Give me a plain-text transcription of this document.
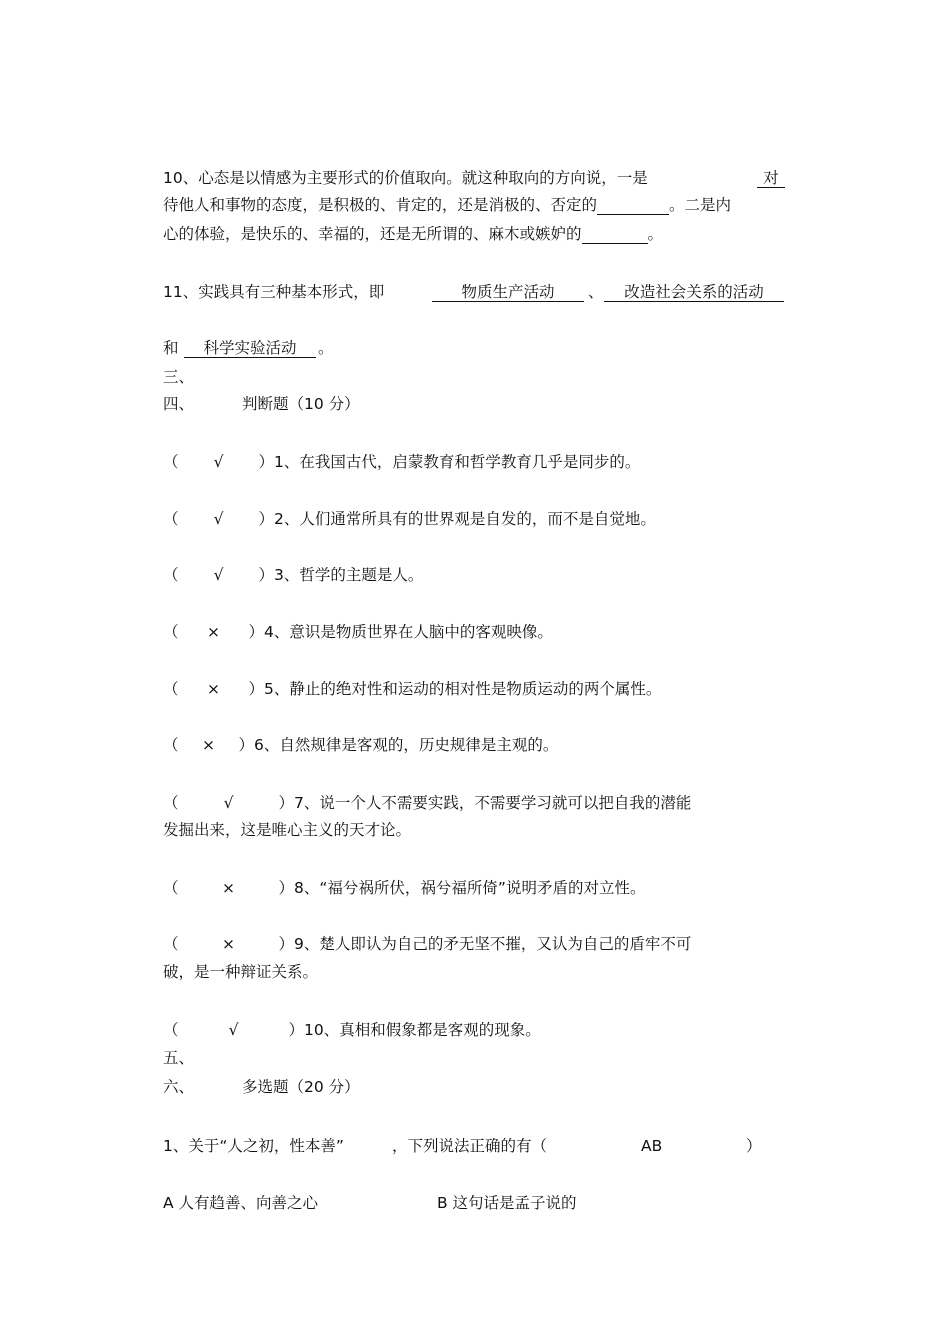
10、心态是以情感为主要形式的价值取向。就这种取向的方向说，一是	对
待他人和事物的态度，是积极的、肯定的，还是消极的、否定的	。二是内
心的体验，是快乐的、幸福的，还是无所谓的、麻木或嫉妒的	。
11、实践具有三种基本形式，即	物质生产活动	、	改造社会关系的活动
和	科学实验活动	。
三、
四、	判断题（10 分）
（ √ ）1、在我国古代，启蒙教育和哲学教育几乎是同步的。
（ √ ）2、人们通常所具有的世界观是自发的，而不是自觉地。
（ √ ）3、哲学的主题是人。
（ × ）4、意识是物质世界在人脑中的客观映像。
（ × ）5、静止的绝对性和运动的相对性是物质运动的两个属性。
（ × ）6、自然规律是客观的，历史规律是主观的。
（	√	）7、说一个人不需要实践，不需要学习就可以把自我的潜能
发掘出来，这是唯心主义的天才论。
（	×	）8、“福兮祸所伏，祸兮福所倚”说明矛盾的对立性。
（	×	）9、楚人即认为自己的矛无坚不摧，又认为自己的盾牢不可
破，是一种辩证关系。
（	√	）10、真相和假象都是客观的现象。
五、
六、	多选题（20 分）
1、关于“人之初，性本善”	，下列说法正确的有（	AB	）
A 人有趋善、向善之心	B 这句话是孟子说的
